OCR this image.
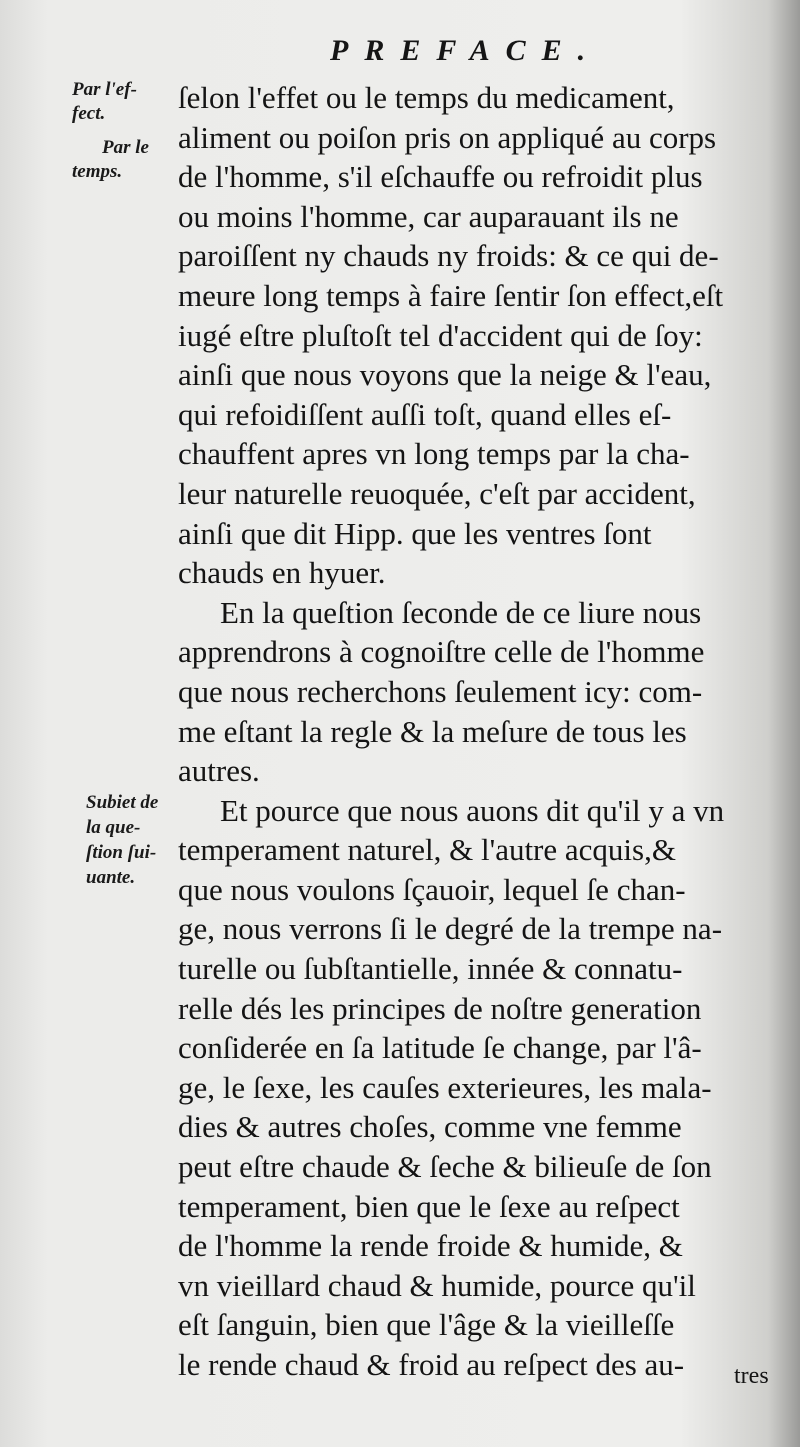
PREFACE.
Par l'ef-
fect.
Par le
temps.
Subiet de
la que-
ſtion ſui-
uante.
ſelon l'effet ou le temps du medicament,
aliment ou poiſon pris on appliqué au corps
de l'homme, s'il eſchauffe ou refroidit plus
ou moins l'homme, car auparauant ils ne
paroiſſent ny chauds ny froids: & ce qui de-
meure long temps à faire ſentir ſon effect,eſt
iugé eſtre pluſtoſt tel d'accident qui de ſoy:
ainſi que nous voyons que la neige & l'eau,
qui refoidiſſent auſſi toſt, quand elles eſ-
chauffent apres vn long temps par la cha-
leur naturelle reuoquée, c'eſt par accident,
ainſi que dit Hipp. que les ventres ſont
chauds en hyuer.
En la queſtion ſeconde de ce liure nous
apprendrons à cognoiſtre celle de l'homme
que nous recherchons ſeulement icy: com-
me eſtant la regle & la meſure de tous les
autres.
Et pource que nous auons dit qu'il y a vn
temperament naturel, & l'autre acquis,&
que nous voulons ſçauoir, lequel ſe chan-
ge, nous verrons ſi le degré de la trempe na-
turelle ou ſubſtantielle, innée & connatu-
relle dés les principes de noſtre generation
conſiderée en ſa latitude ſe change, par l'â-
ge, le ſexe, les cauſes exterieures, les mala-
dies & autres choſes, comme vne femme
peut eſtre chaude & ſeche & bilieuſe de ſon
temperament, bien que le ſexe au reſpect
de l'homme la rende froide & humide, &
vn vieillard chaud & humide, pource qu'il
eſt ſanguin, bien que l'âge & la vieilleſſe
le rende chaud & froid au reſpect des au-	tres
